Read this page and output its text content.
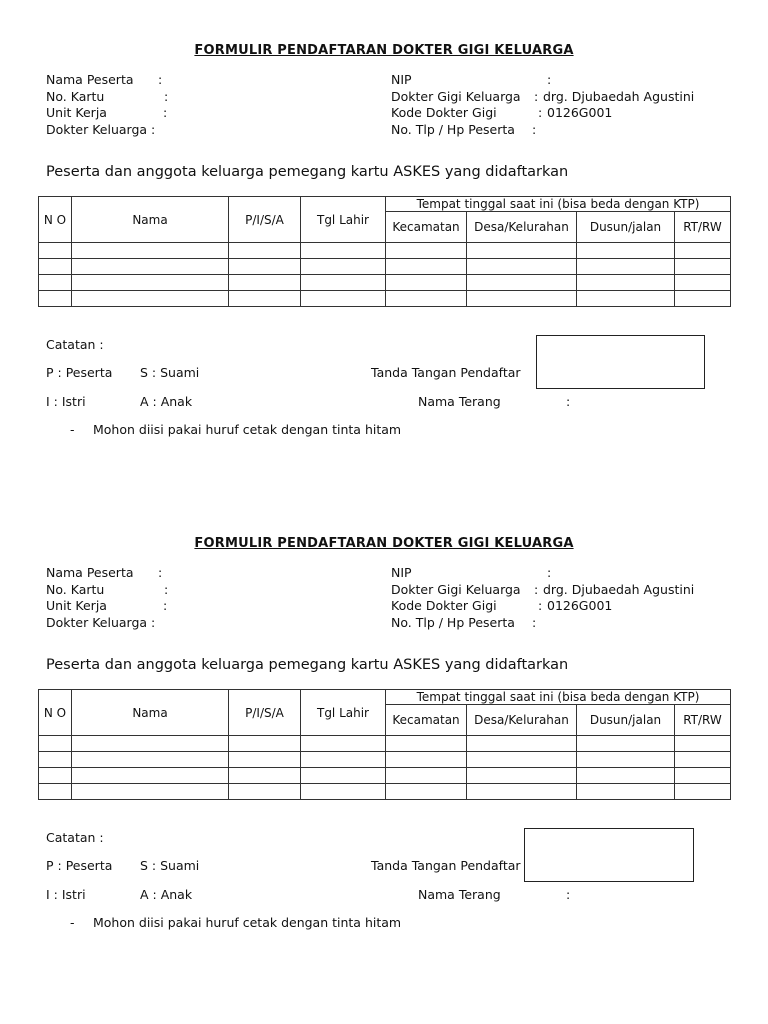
FORMULIR PENDAFTARAN DOKTER GIGI KELUARGA
Nama Peserta :
No. Kartu	:
Unit Kerja	:
Dokter Keluarga :
NIP	:
Dokter Gigi Keluarga : drg. Djubaedah Agustini
Kode Dokter Gigi	: 0126G001
No. Tlp / Hp Peserta :
Peserta dan anggota keluarga pemegang kartu ASKES yang didaftarkan
N O	Nama	P/I/S/A	Tgl Lahir	Tempat tinggal saat ini (bisa beda dengan KTP)			
				Kecamatan	Desa/Kelurahan	Dusun/jalan	RT/RW

Catatan :
P : Peserta S : Suami
I : Istri	A : Anak
Tanda Tangan Pendaftar
Nama Terang	:
- Mohon diisi pakai huruf cetak dengan tinta hitam
FORMULIR PENDAFTARAN DOKTER GIGI KELUARGA
Nama Peserta :
No. Kartu	:
Unit Kerja	:
Dokter Keluarga :
NIP	:
Dokter Gigi Keluarga : drg. Djubaedah Agustini
Kode Dokter Gigi	: 0126G001
No. Tlp / Hp Peserta :
Peserta dan anggota keluarga pemegang kartu ASKES yang didaftarkan
N O	Nama	P/I/S/A	Tgl Lahir	Tempat tinggal saat ini (bisa beda dengan KTP)			
				Kecamatan	Desa/Kelurahan	Dusun/jalan	RT/RW

Catatan :
P : Peserta S : Suami
I : Istri	A : Anak
Tanda Tangan Pendaftar
Nama Terang	:
- Mohon diisi pakai huruf cetak dengan tinta hitam
